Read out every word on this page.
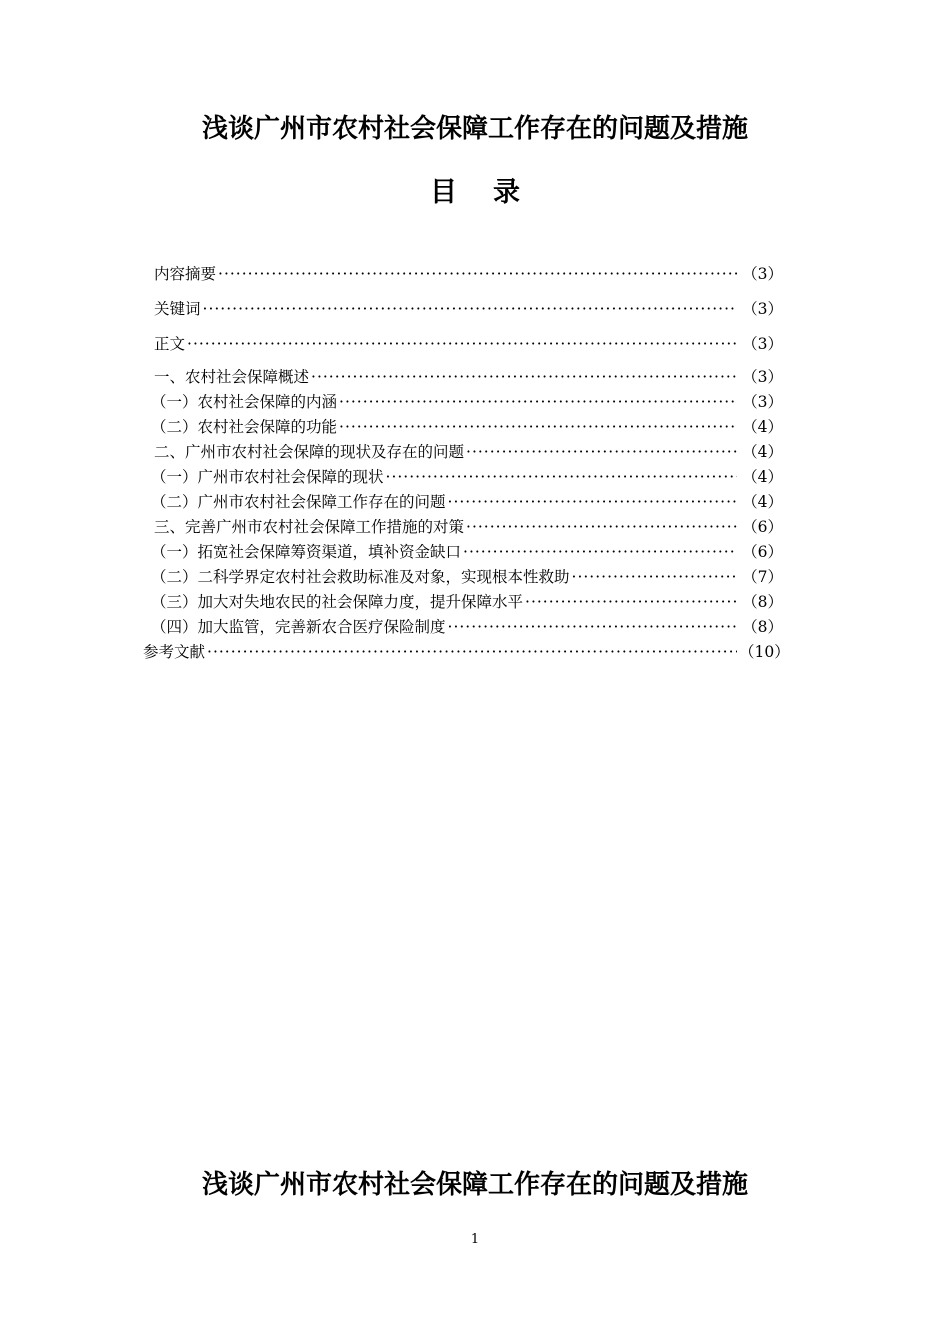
浅谈广州市农村社会保障工作存在的问题及措施
目录
内容摘要 ·····	（3）
关键词 ·····	（3）
正文 ·····	（3）
一、农村社会保障概述 ·····	（3）
（一）农村社会保障的内涵 ·····	（3）
（二）农村社会保障的功能 ·····	（4）
二、广州市农村社会保障的现状及存在的问题 ·····	（4）
（一）广州市农村社会保障的现状 ·····	（4）
（二）广州市农村社会保障工作存在的问题 ·····	（4）
三、完善广州市农村社会保障工作措施的对策 ·····	（6）
（一）拓宽社会保障筹资渠道，填补资金缺口 ·····	（6）
（二）二科学界定农村社会救助标准及对象，实现根本性救助 ·····	（7）
（三）加大对失地农民的社会保障力度，提升保障水平 ·····	（8）
（四）加大监管，完善新农合医疗保险制度 ·····	（8）
参考文献 ·····	（10）
浅谈广州市农村社会保障工作存在的问题及措施
1
